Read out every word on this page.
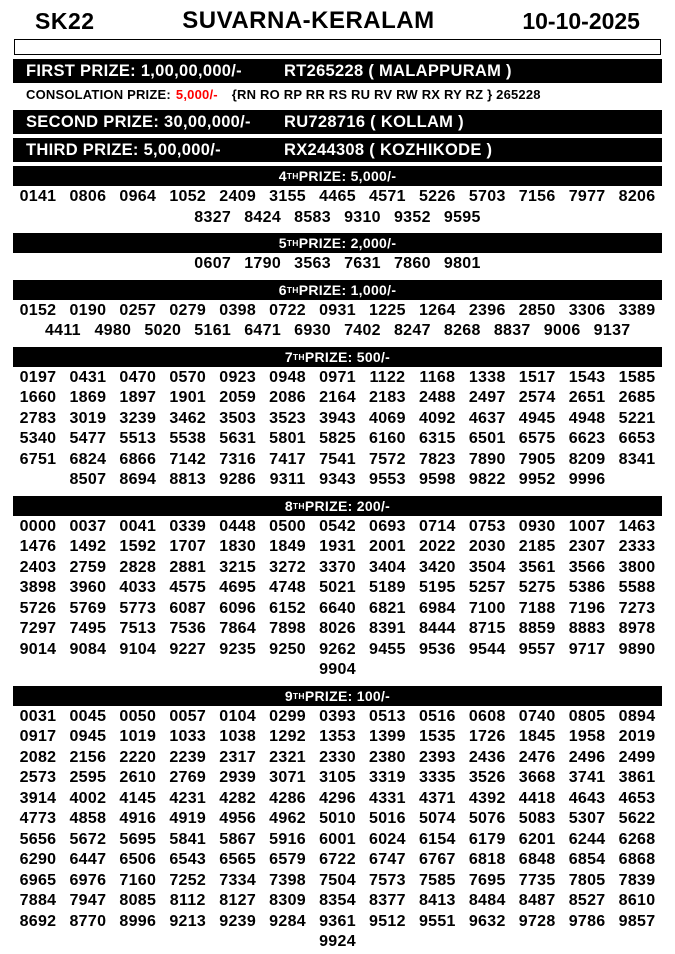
SK22	SUVARNA-KERALAM	10-10-2025
FIRST PRIZE: 1,00,00,000/-	RT265228 ( MALAPPURAM )
CONSOLATION PRIZE: 5,000/- {RN RO RP RR RS RU RV RW RX RY RZ } 265228
SECOND PRIZE: 30,00,000/-	RU728716 ( KOLLAM )
THIRD PRIZE: 5,00,000/-	RX244308 ( KOZHIKODE )
4 TH PRIZE: 5,000/-
0141 0806 0964 1052 2409 3155 4465 4571 5226 5703 7156 7977 8206
8327 8424 8583 9310 9352 9595
5 TH PRIZE: 2,000/-
0607 1790 3563 7631 7860 9801
6 TH PRIZE: 1,000/-
0152 0190 0257 0279 0398 0722 0931 1225 1264 2396 2850 3306 3389
4411 4980 5020 5161 6471 6930 7402 8247 8268 8837 9006 9137
7 TH PRIZE: 500/-
0197 0431 0470 0570 0923 0948 0971 1122 1168 1338 1517 1543 1585
1660 1869 1897 1901 2059 2086 2164 2183 2488 2497 2574 2651 2685
2783 3019 3239 3462 3503 3523 3943 4069 4092 4637 4945 4948 5221
5340 5477 5513 5538 5631 5801 5825 6160 6315 6501 6575 6623 6653
6751 6824 6866 7142 7316 7417 7541 7572 7823 7890 7905 8209 8341
8507 8694 8813 9286 9311 9343 9553 9598 9822 9952 9996
8 TH PRIZE: 200/-
0000 0037 0041 0339 0448 0500 0542 0693 0714 0753 0930 1007 1463
1476 1492 1592 1707 1830 1849 1931 2001 2022 2030 2185 2307 2333
2403 2759 2828 2881 3215 3272 3370 3404 3420 3504 3561 3566 3800
3898 3960 4033 4575 4695 4748 5021 5189 5195 5257 5275 5386 5588
5726 5769 5773 6087 6096 6152 6640 6821 6984 7100 7188 7196 7273
7297 7495 7513 7536 7864 7898 8026 8391 8444 8715 8859 8883 8978
9014 9084 9104 9227 9235 9250 9262 9455 9536 9544 9557 9717 9890
9904
9 TH PRIZE: 100/-
0031 0045 0050 0057 0104 0299 0393 0513 0516 0608 0740 0805 0894
0917 0945 1019 1033 1038 1292 1353 1399 1535 1726 1845 1958 2019
2082 2156 2220 2239 2317 2321 2330 2380 2393 2436 2476 2496 2499
2573 2595 2610 2769 2939 3071 3105 3319 3335 3526 3668 3741 3861
3914 4002 4145 4231 4282 4286 4296 4331 4371 4392 4418 4643 4653
4773 4858 4916 4919 4956 4962 5010 5016 5074 5076 5083 5307 5622
5656 5672 5695 5841 5867 5916 6001 6024 6154 6179 6201 6244 6268
6290 6447 6506 6543 6565 6579 6722 6747 6767 6818 6848 6854 6868
6965 6976 7160 7252 7334 7398 7504 7573 7585 7695 7735 7805 7839
7884 7947 8085 8112 8127 8309 8354 8377 8413 8484 8487 8527 8610
8692 8770 8996 9213 9239 9284 9361 9512 9551 9632 9728 9786 9857
9924
